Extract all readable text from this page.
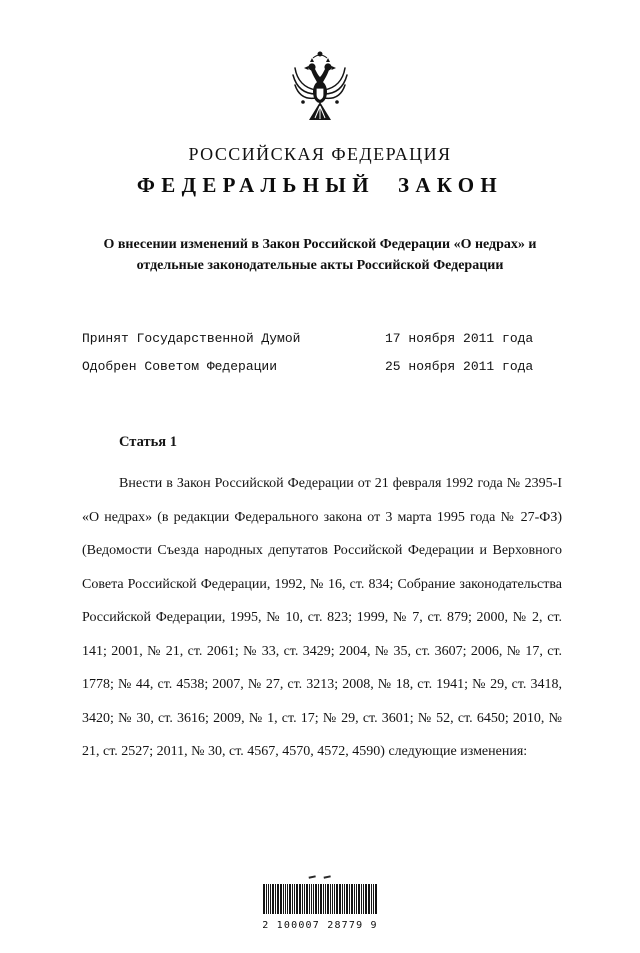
РОССИЙСКАЯ ФЕДЕРАЦИЯ
ФЕДЕРАЛЬНЫЙ ЗАКОН
О внесении изменений в Закон Российской Федерации «О недрах» и
отдельные законодательные акты Российской Федерации
Принят Государственной Думой	17 ноября 2011 года
Одобрен Советом Федерации	25 ноября 2011 года
Статья 1

Внести в Закон Российской Федерации от 21 февраля 1992 года № 2395-I «О недрах» (в редакции Федерального закона от 3 марта 1995 года № 27-ФЗ) (Ведомости Съезда народных депутатов Российской Федерации и Верховного Совета Российской Федерации, 1992, № 16, ст. 834; Собрание законодательства Российской Федерации, 1995, № 10, ст. 823; 1999, № 7, ст. 879; 2000, № 2, ст. 141; 2001, № 21, ст. 2061; № 33, ст. 3429; 2004, № 35, ст. 3607; 2006, № 17, ст. 1778; № 44, ст. 4538; 2007, № 27, ст. 3213; 2008, № 18, ст. 1941; № 29, ст. 3418, 3420; № 30, ст. 3616; 2009, № 1, ст. 17; № 29, ст. 3601; № 52, ст. 6450; 2010, № 21, ст. 2527; 2011, № 30, ст. 4567, 4570, 4572, 4590) следующие изменения:

2 100007 28779 9
